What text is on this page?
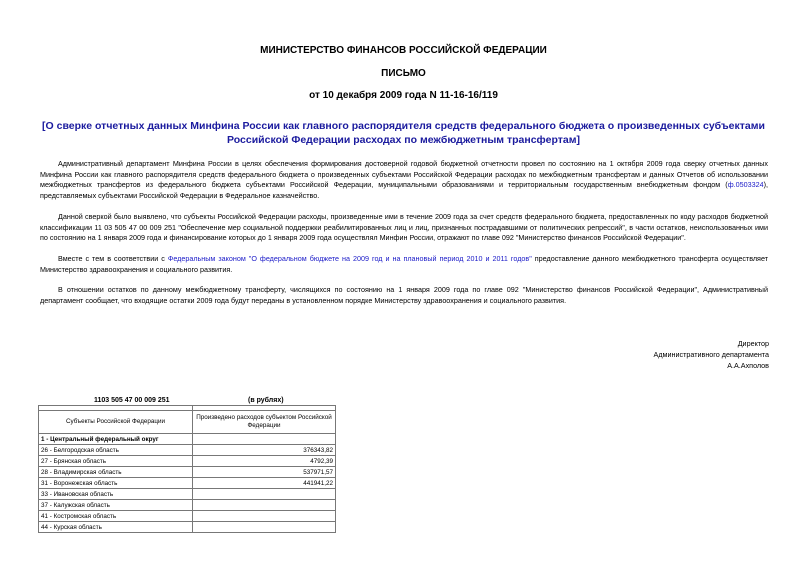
МИНИСТЕРСТВО ФИНАНСОВ РОССИЙСКОЙ ФЕДЕРАЦИИ
ПИСЬМО
от 10 декабря 2009 года N 11-16-16/119
[О сверке отчетных данных Минфина России как главного распорядителя средств федерального бюджета о произведенных субъектами Российской Федерации расходах по межбюджетным трансфертам]

Административный департамент Минфина России в целях обеспечения формирования достоверной годовой бюджетной отчетности провел по состоянию на 1 октября 2009 года сверку отчетных данных Минфина России как главного распорядителя средств федерального бюджета о произведенных субъектами Российской Федерации расходах по межбюджетным трансфертам и данных Отчетов об использовании межбюджетных трансфертов из федерального бюджета субъектами Российской Федерации, муниципальными образованиями и территориальным государственным внебюджетным фондом (ф.0503324), представляемых субъектами Российской Федерации в Федеральное казначейство.

Данной сверкой было выявлено, что субъекты Российской Федерации расходы, произведенные ими в течение 2009 года за счет средств федерального бюджета, предоставленных по коду расходов бюджетной классификации 11 03 505 47 00 009 251 "Обеспечение мер социальной поддержки реабилитированных лиц и лиц, признанных пострадавшими от политических репрессий", в части остатков, неиспользованных ими по состоянию на 1 января 2009 года и финансирование которых до 1 января 2009 года осуществлял Минфин России, отражают по главе 092 "Министерство финансов Российской Федерации".

Вместе с тем в соответствии с Федеральным законом "О федеральном бюджете на 2009 год и на плановый период 2010 и 2011 годов" предоставление данного межбюджетного трансферта осуществляет Министерство здравоохранения и социального развития.

В отношении остатков по данному межбюджетному трансферту, числящихся по состоянию на 1 января 2009 года по главе 092 "Министерство финансов Российской Федерации", Административный департамент сообщает, что входящие остатки 2009 года будут переданы в установленном порядке Министерству здравоохранения и социального развития.

Директор
Административного департамента
А.А.Ахполов
1103 505 47 00 009 251	(в рублях)

Субъекты Российской Федерации	Произведено расходов субъектом Российской Федерации
1 - Центральный федеральный округ	
26 - Белгородская область	376343,82
27 - Брянская область	4792,39
28 - Владимирская область	537971,57
31 - Воронежская область	441941,22
33 - Ивановская область	
37 - Калужская область	
41 - Костромская область	
44 - Курская область	
